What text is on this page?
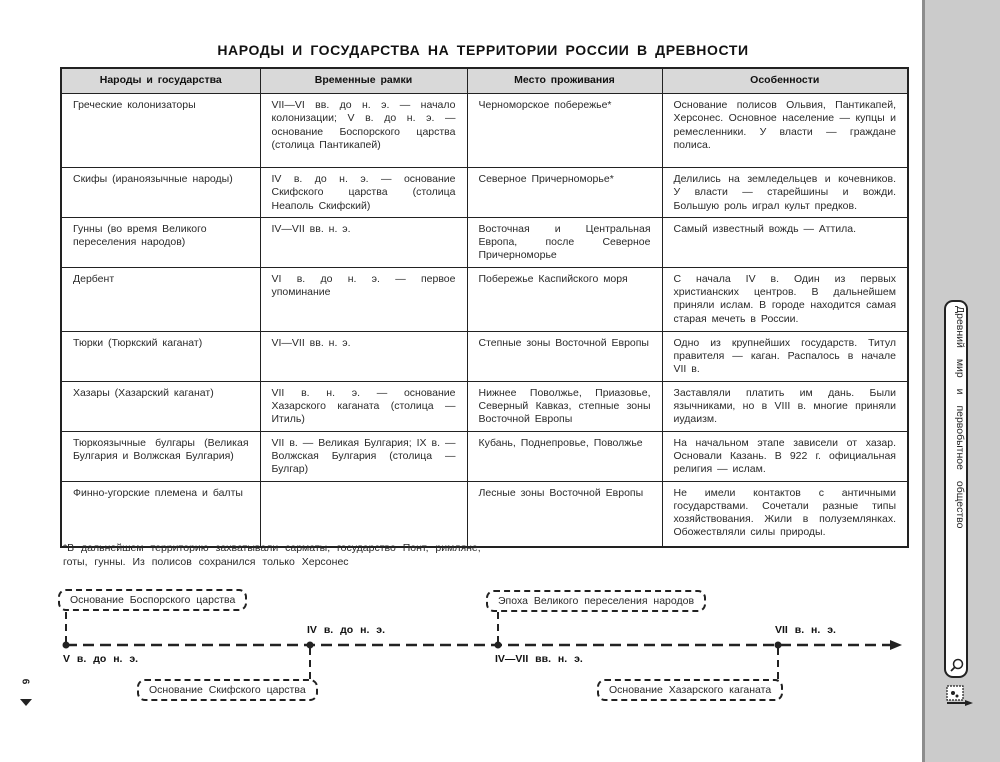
НАРОДЫ И ГОСУДАРСТВА НА ТЕРРИТОРИИ РОССИИ В ДРЕВНОСТИ
Народы и государства	Временные рамки	Место проживания	Особенности
Греческие колонизаторы	VII—VI вв. до н. э. — начало колонизации; V в. до н. э. — основание Боспорского царства (столица Пантикапей)	Черноморское побережье*	Основание полисов Ольвия, Пантикапей, Херсонес. Основное население — купцы и ремесленники. У власти — граждане полиса.
Скифы (ираноязычные народы)	IV в. до н. э. — основание Скифского царства (столица Неаполь Скифский)	Северное Причерноморье*	Делились на земледельцев и кочевников. У власти — старейшины и вожди. Большую роль играл культ предков.
Гунны (во время Великого переселения народов)	IV—VII вв. н. э.	Восточная и Центральная Европа, после Северное Причерноморье	Самый известный вождь — Аттила.
Дербент	VI в. до н. э. — первое упоминание	Побережье Каспийского моря	С начала IV в. Один из первых христианских центров. В дальнейшем приняли ислам. В городе находится самая старая мечеть в России.
Тюрки (Тюркский каганат)	VI—VII вв. н. э.	Степные зоны Восточной Европы	Одно из крупнейших государств. Титул правителя — каган. Распалось в начале VII в.
Хазары (Хазарский каганат)	VII в. н. э. — основание Хазарского каганата (столица — Итиль)	Нижнее Поволжье, Приазовье, Северный Кавказ, степные зоны Восточной Европы	Заставляли платить им дань. Были язычниками, но в VIII в. многие приняли иудаизм.
Тюркоязычные булгары (Великая Булгария и Волжская Булгария)	VII в. — Великая Булгария; IX в. — Волжская Булгария (столица — Булгар)	Кубань, Поднепровье, Поволжье	На начальном этапе зависели от хазар. Основали Казань. В 922 г. официальная религия — ислам.
Финно-угорские племена и балты		Лесные зоны Восточной Европы	Не имели контактов с античными государствами. Сочетали разные типы хозяйствования. Жили в полуземлянках. Обожествляли силы природы.
*В дальнейшем территорию захватывали сарматы, государство Понт, римляне, готы, гунны. Из полисов сохранился только Херсонес
Основание Боспорского царства
V в. до н. э.
IV в. до н. э.
Основание Скифского царства
Эпоха Великого переселения народов
IV—VII вв. н. э.
VII в. н. э.
Основание Хазарского каганата
6
Древний мир и первобытное общество
